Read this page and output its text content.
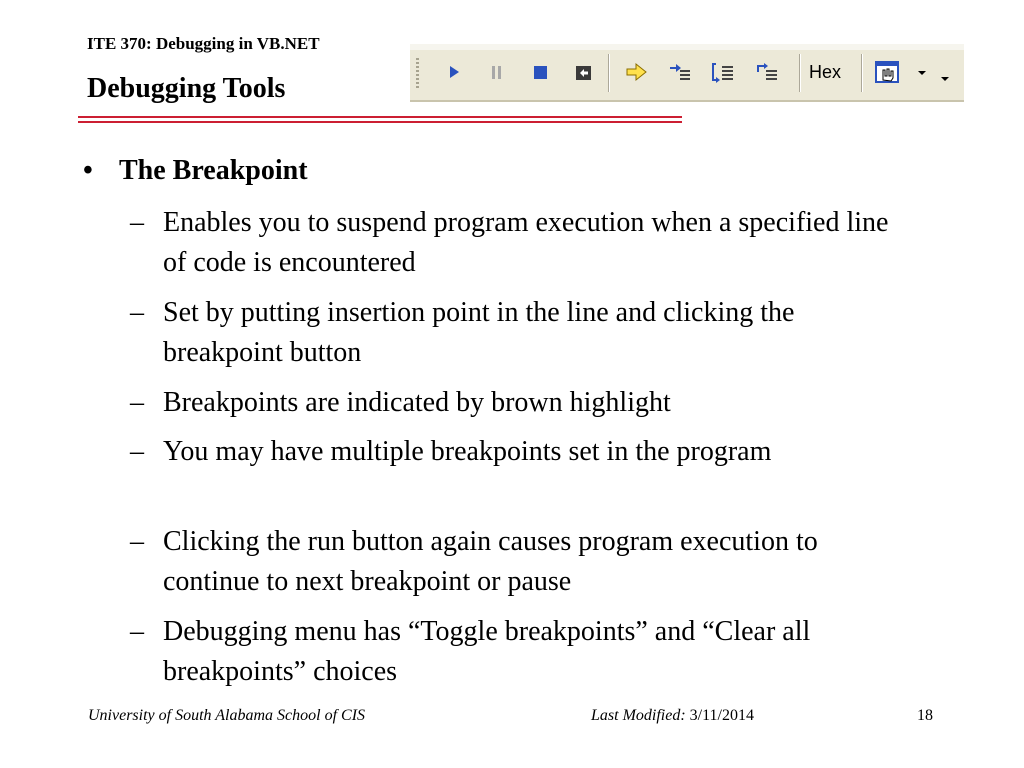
ITE 370: Debugging in VB.NET
Debugging Tools
Hex
• The Breakpoint
– Enables you to suspend program execution when a specified line of code is encountered
– Set by putting insertion point in the line and clicking the breakpoint button
– Breakpoints are indicated by brown highlight
– You may have multiple breakpoints set in the program
– Clicking the run button again causes program execution to continue to next breakpoint or pause
– Debugging menu has “Toggle breakpoints” and “Clear all breakpoints” choices
University of South Alabama School of CIS	Last Modified: 3/11/2014	18
